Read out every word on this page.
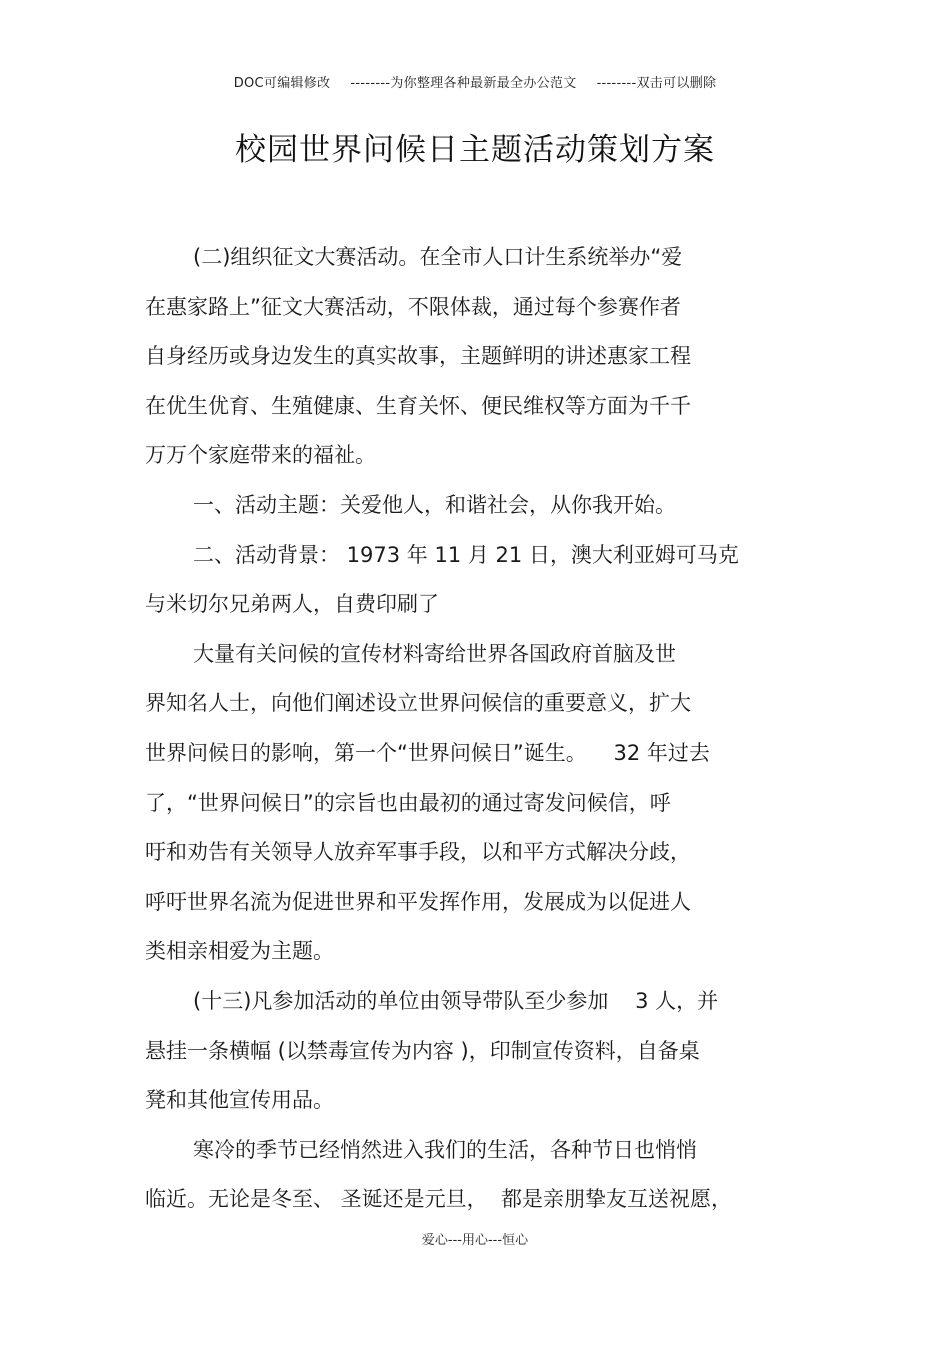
DOC可编辑修改 --------为你整理各种最新最全办公范文 --------双击可以删除
校园世界问候日主题活动策划方案
(二)组织征文大赛活动。在全市人口计生系统举办“爱
在惠家路上”征文大赛活动，不限体裁，通过每个参赛作者
自身经历或身边发生的真实故事，主题鲜明的讲述惠家工程
在优生优育、生殖健康、生育关怀、便民维权等方面为千千
万万个家庭带来的福祉。
一、活动主题：关爱他人，和谐社会，从你我开始。
二、活动背景： 1973 年 11 月 21 日，澳大利亚姆可马克
与米切尔兄弟两人，自费印刷了
大量有关问候的宣传材料寄给世界各国政府首脑及世
界知名人士，向他们阐述设立世界问候信的重要意义，扩大
世界问候日的影响，第一个“世界问候日”诞生。    32 年过去
了，“世界问候日”的宗旨也由最初的通过寄发问候信，呼
吁和劝告有关领导人放弃军事手段，以和平方式解决分歧，
呼吁世界名流为促进世界和平发挥作用，发展成为以促进人
类相亲相爱为主题。
(十三)凡参加活动的单位由领导带队至少参加    3 人，并
悬挂一条横幅 (以禁毒宣传为内容 )，印制宣传资料，自备桌
凳和其他宣传用品。
寒冷的季节已经悄然进入我们的生活，各种节日也悄悄
临近。无论是冬至、 圣诞还是元旦，  都是亲朋挚友互送祝愿，
爱心---用心---恒心
